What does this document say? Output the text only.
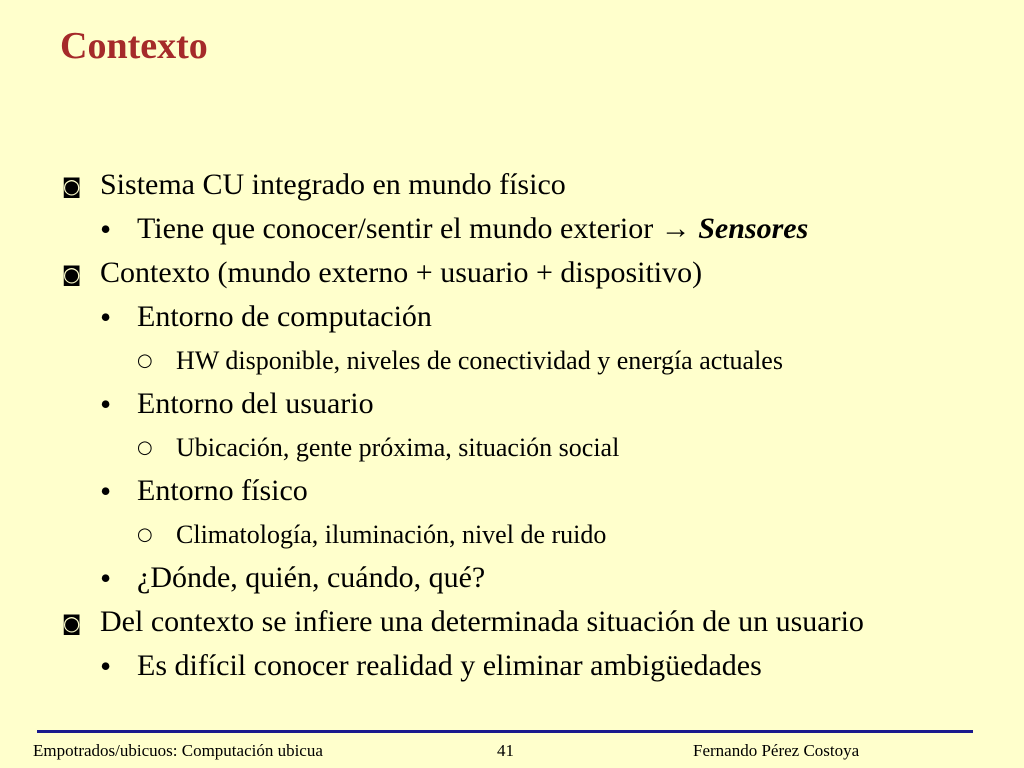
Contexto
◙ Sistema CU integrado en mundo físico
• Tiene que conocer/sentir el mundo exterior → Sensores
◙ Contexto (mundo externo + usuario + dispositivo)
• Entorno de computación
○ HW disponible, niveles de conectividad y energía actuales
• Entorno del usuario
○ Ubicación, gente próxima, situación social
• Entorno físico
○ Climatología, iluminación, nivel de ruido
• ¿Dónde, quién, cuándo, qué?
◙ Del contexto se infiere una determinada situación de un usuario
• Es difícil conocer realidad y eliminar ambigüedades
Empotrados/ubicuos: Computación ubicua	41	Fernando Pérez Costoya
